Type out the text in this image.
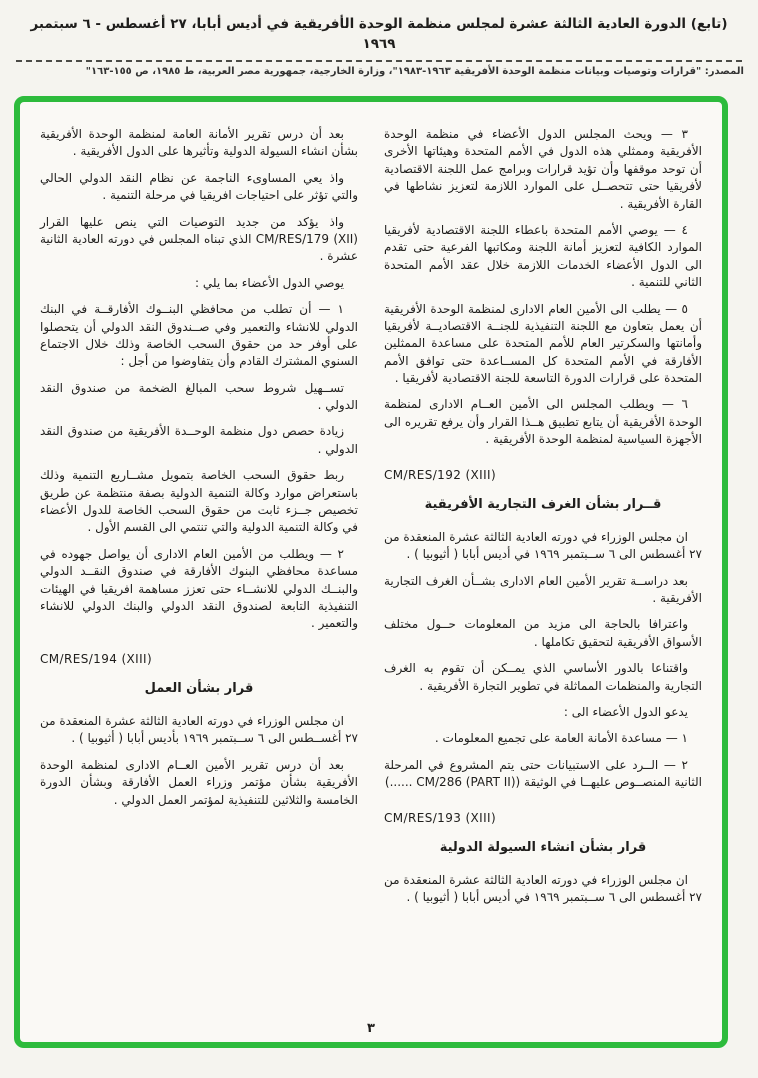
(تابع) الدورة العادية الثالثة عشرة لمجلس منظمة الوحدة الأفريقية في أديس أبابا، ٢٧ أغسطس - ٦ سبتمبر ١٩٦٩
المصدر: "قرارات وتوصيات وبيانات منظمة الوحدة الأفريقية ١٩٦٣-١٩٨٣"، وزارة الخارجية، جمهورية مصر العربية، ط ١٩٨٥، ص ١٥٥-١٦٣"

٣ — ويحث المجلس الدول الأعضاء في منظمة الوحدة الأفريقية وممثلي هذه الدول في الأمم المتحدة وهيئاتها الأخرى أن توحد موقفها وأن تؤيد قرارات وبرامج عمل اللجنة الاقتصادية لأفريقيا حتى تتحصــل على الموارد اللازمة لتعزيز نشاطها في القارة الأفريقية .

٤ — يوصي الأمم المتحدة باعطاء اللجنة الاقتصادية لأفريقيا الموارد الكافية لتعزيز أمانة اللجنة ومكاتبها الفرعية حتى تقدم الى الدول الأعضاء الخدمات اللازمة خلال عقد الأمم المتحدة الثاني للتنمية .

٥ — يطلب الى الأمين العام الادارى لمنظمة الوحدة الأفريقية أن يعمل بتعاون مع اللجنة التنفيذية للجنــة الاقتصاديــة لأفريقيا وأمانتها والسكرتير العام للأمم المتحدة على مساعدة الممثلين الأفارقة في الأمم المتحدة كل المســاعدة حتى توافق الأمم المتحدة على قرارات الدورة التاسعة للجنة الاقتصادية لأفريقيا .

٦ — ويطلب المجلس الى الأمين العــام الادارى لمنظمة الوحدة الأفريقية أن يتابع تطبيق هــذا القرار وأن يرفع تقريره الى الأجهزة السياسية لمنظمة الوحدة الأفريقية .

CM/RES/192 (XIII)

قــرار بشأن الغرف التجارية الأفريقية

ان مجلس الوزراء في دورته العادية الثالثة عشرة المنعقدة من ٢٧ أغسطس الى ٦ ســبتمبر ١٩٦٩ في أديس أبابا ( أثيوبيا ) .

بعد دراســة تقرير الأمين العام الادارى بشــأن الغرف التجارية الأفريقية .

واعترافا بالحاجة الى مزيد من المعلومات حــول مختلف الأسواق الأفريقية لتحقيق تكاملها .

واقتناعا بالدور الأساسي الذي يمــكن أن تقوم به الغرف التجارية والمنظمات المماثلة في تطوير التجارة الأفريقية .

يدعو الدول الأعضاء الى :

١ — مساعدة الأمانة العامة على تجميع المعلومات .

٢ — الــرد على الاستبيانات حتى يتم المشروع في المرحلة الثانية المنصــوص عليهــا في الوثيقة (CM/286 (PART II) ......)

CM/RES/193 (XIII)

قرار بشأن انشاء السيولة الدولية

ان مجلس الوزراء في دورته العادية الثالثة عشرة المنعقدة من ٢٧ أغسطس الى ٦ ســبتمبر ١٩٦٩ في أديس أبابا ( أثيوبيا ) .

بعد أن درس تقرير الأمانة العامة لمنظمة الوحدة الأفريقية بشأن انشاء السيولة الدولية وتأثيرها على الدول الأفريقية .

واذ يعي المساوىء الناجمة عن نظام النقد الدولي الحالي والتي تؤثر على احتياجات افريقيا في مرحلة التنمية .

واذ يؤكد من جديد التوصيات التي ينص عليها القرار CM/RES/179 (XII) الذي تبناه المجلس في دورته العادية الثانية عشرة .

يوصي الدول الأعضاء بما يلي :

١ — أن تطلب من محافظي البنــوك الأفارقــة في البنك الدولي للانشاء والتعمير وفي صــندوق النقد الدولي أن يتحصلوا على أوفر حد من حقوق السحب الخاصة وذلك خلال الاجتماع السنوي المشترك القادم وأن يتفاوضوا من أجل :

تســهيل شروط سحب المبالغ الضخمة من صندوق النقد الدولي .

زيادة حصص دول منظمة الوحــدة الأفريقية من صندوق النقد الدولي .

ربط حقوق السحب الخاصة بتمويل مشــاريع التنمية وذلك باستعراض موارد وكالة التنمية الدولية بصفة منتظمة عن طريق تخصيص جــزء ثابت من حقوق السحب الخاصة للدول الأعضاء في وكالة التنمية الدولية والتي تنتمي الى القسم الأول .

٢ — ويطلب من الأمين العام الادارى أن يواصل جهوده في مساعدة محافظي البنوك الأفارقة في صندوق النقــد الدولي والبنــك الدولي للانشــاء حتى تعزز مساهمة افريقيا في الهيئات التنفيذية التابعة لصندوق النقد الدولي والبنك الدولي للانشاء والتعمير .

CM/RES/194 (XIII)

قرار بشأن العمل

ان مجلس الوزراء في دورته العادية الثالثة عشرة المنعقدة من ٢٧ أغســطس الى ٦ ســبتمبر ١٩٦٩ بأديس أبابا ( أثيوبيا ) .

بعد أن درس تقرير الأمين العــام الادارى لمنظمة الوحدة الأفريقية بشأن مؤتمر وزراء العمل الأفارقة وبشأن الدورة الخامسة والثلاثين للتنفيذية لمؤتمر العمل الدولي .

٣
